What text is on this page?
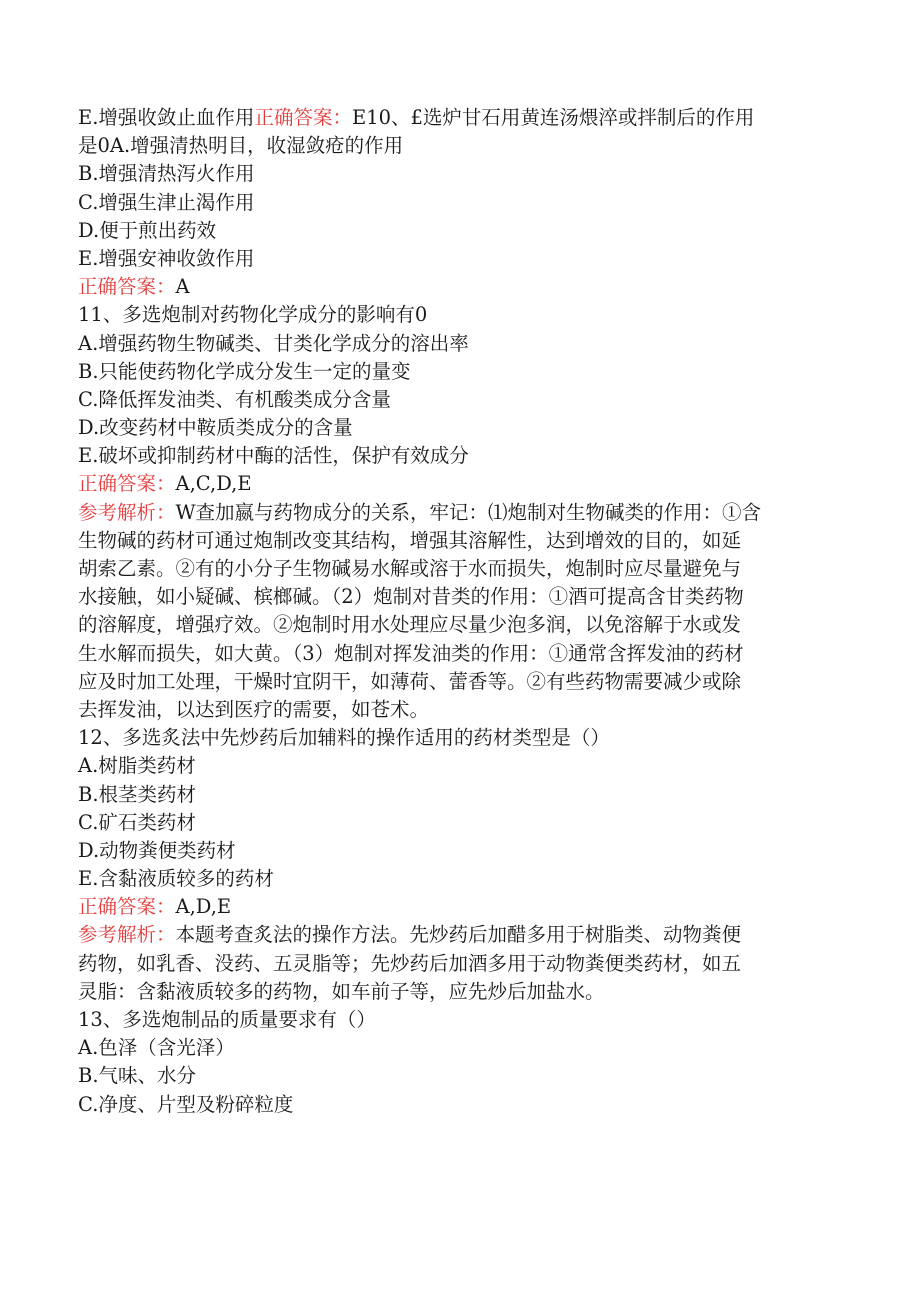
E.增强收敛止血作用正确答案：E10、£选炉甘石用黄连汤煨淬或拌制后的作用
是0A.增强清热明目，收湿敛疮的作用
B.增强清热泻火作用
C.增强生津止渴作用
D.便于煎出药效
E.增强安神收敛作用
正确答案：A
11、多选炮制对药物化学成分的影响有0
A.增强药物生物碱类、甘类化学成分的溶出率
B.只能使药物化学成分发生一定的量变
C.降低挥发油类、有机酸类成分含量
D.改变药材中鞍质类成分的含量
E.破坏或抑制药材中酶的活性，保护有效成分
正确答案：A,C,D,E
参考解析：W查加嬴与药物成分的关系，牢记：⑴炮制对生物碱类的作用：①含
生物碱的药材可通过炮制改变其结构，增强其溶解性，达到增效的目的，如延
胡索乙素。②有的小分子生物碱易水解或溶于水而损失，炮制时应尽量避免与
水接触，如小疑碱、槟榔碱。（2）炮制对昔类的作用：①酒可提高含甘类药物
的溶解度，增强疗效。②炮制时用水处理应尽量少泡多润，以免溶解于水或发
生水解而损失，如大黄。（3）炮制对挥发油类的作用：①通常含挥发油的药材
应及时加工处理，干燥时宜阴干，如薄荷、蕾香等。②有些药物需要减少或除
去挥发油，以达到医疗的需要，如苍术。
12、多选炙法中先炒药后加辅料的操作适用的药材类型是（）
A.树脂类药材
B.根茎类药材
C.矿石类药材
D.动物粪便类药材
E.含黏液质较多的药材
正确答案：A,D,E
参考解析：本题考查炙法的操作方法。先炒药后加醋多用于树脂类、动物粪便
药物，如乳香、没药、五灵脂等；先炒药后加酒多用于动物粪便类药材，如五
灵脂：含黏液质较多的药物，如车前子等，应先炒后加盐水。
13、多选炮制品的质量要求有（）
A.色泽（含光泽）
B.气味、水分
C.净度、片型及粉碎粒度
